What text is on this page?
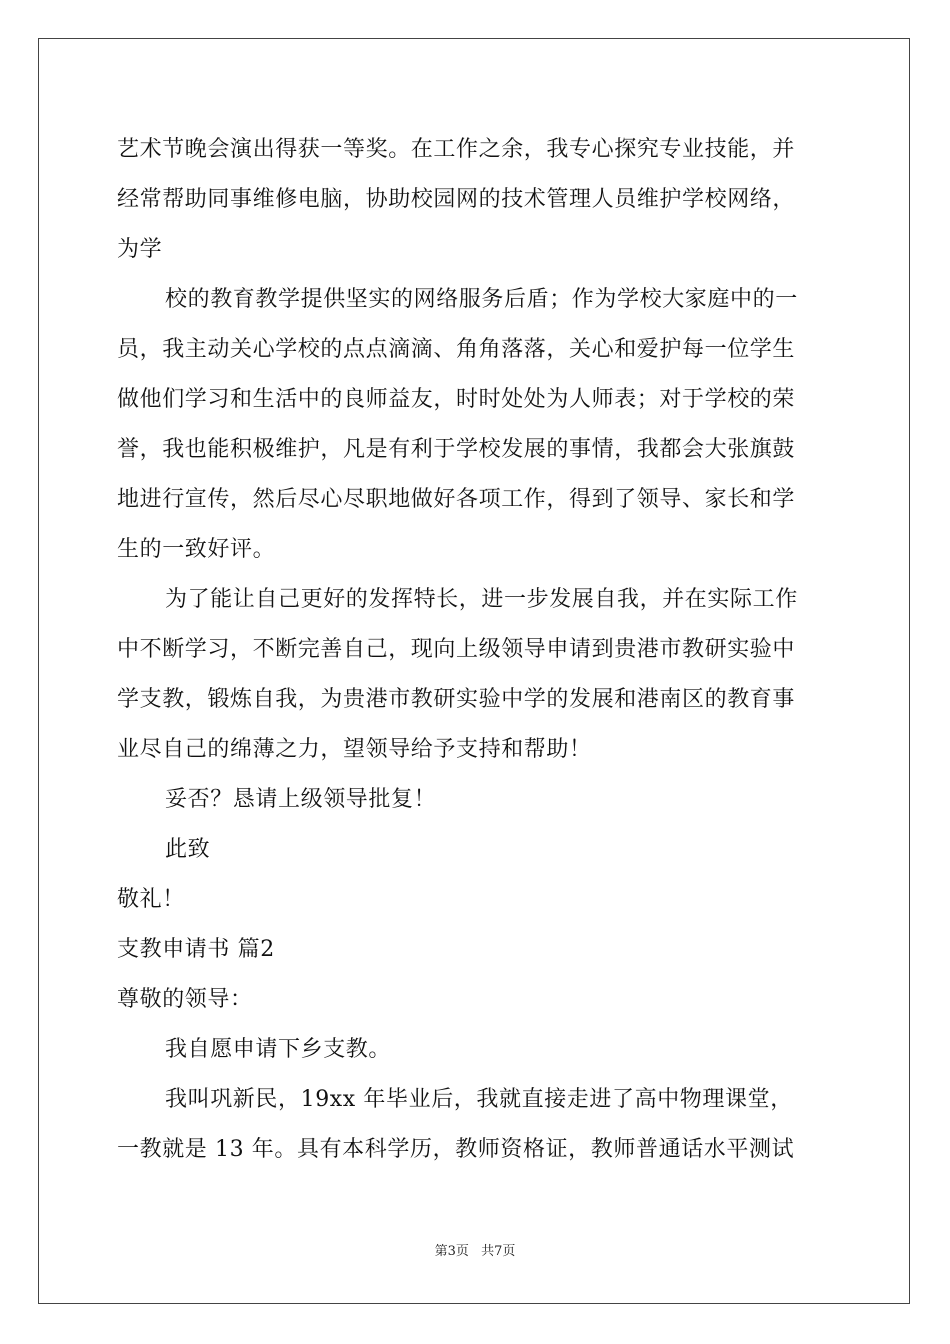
艺术节晚会演出得获一等奖。在工作之余，我专心探究专业技能，并
经常帮助同事维修电脑，协助校园网的技术管理人员维护学校网络，
为学
校的教育教学提供坚实的网络服务后盾；作为学校大家庭中的一
员，我主动关心学校的点点滴滴、角角落落，关心和爱护每一位学生
做他们学习和生活中的良师益友，时时处处为人师表；对于学校的荣
誉，我也能积极维护，凡是有利于学校发展的事情，我都会大张旗鼓
地进行宣传，然后尽心尽职地做好各项工作，得到了领导、家长和学
生的一致好评。
为了能让自己更好的发挥特长，进一步发展自我，并在实际工作
中不断学习，不断完善自己，现向上级领导申请到贵港市教研实验中
学支教，锻炼自我，为贵港市教研实验中学的发展和港南区的教育事
业尽自己的绵薄之力，望领导给予支持和帮助！
妥否？恳请上级领导批复！
此致
敬礼！
支教申请书 篇2
尊敬的领导：
我自愿申请下乡支教。
我叫巩新民，19xx 年毕业后，我就直接走进了高中物理课堂，
一教就是 13 年。具有本科学历，教师资格证，教师普通话水平测试
第3页 共7页
